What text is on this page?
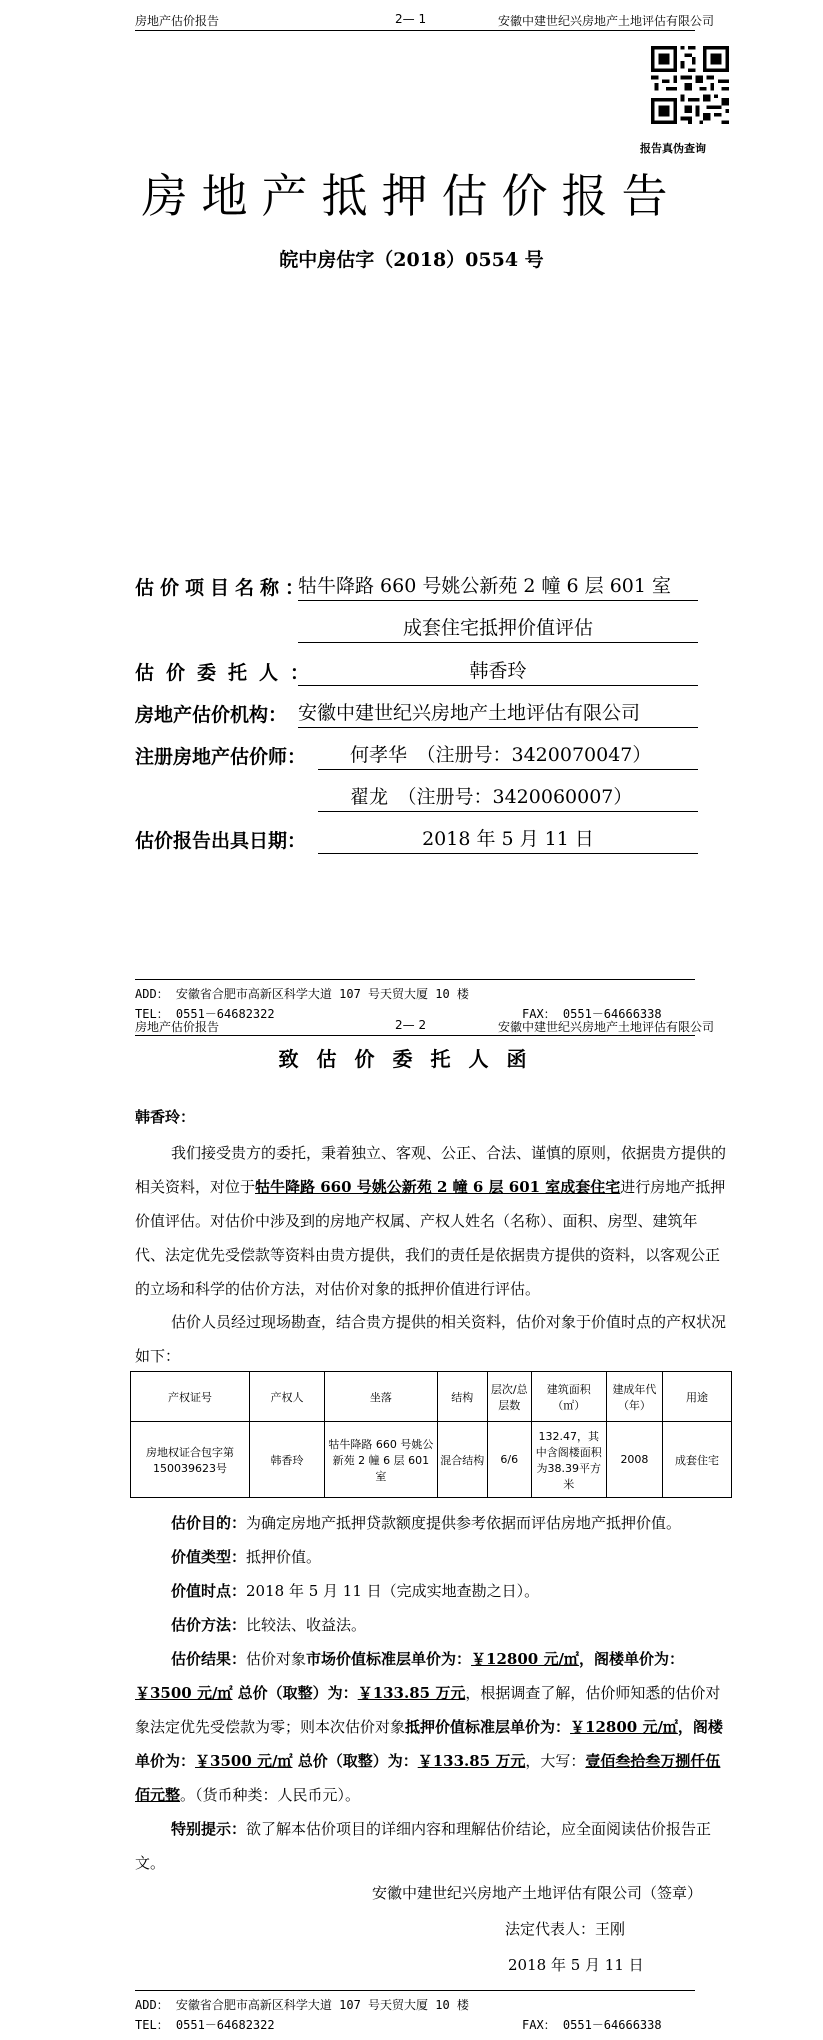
房地产估价报告	2— 1	安徽中建世纪兴房地产土地评估有限公司
报告真伪查询
房地产抵押估价报告
皖中房估字（2018）0554 号
估价项目名称：
牯牛降路 660 号姚公新苑 2 幢 6 层 601 室
成套住宅抵押价值评估
估价委托人：	韩香玲
房地产估价机构： 安徽中建世纪兴房地产土地评估有限公司
注册房地产估价师：	何孝华　（注册号：3420070047）
翟龙　（注册号：3420060007）
估价报告出具日期：	2018 年 5 月 11 日
ADD： 安徽省合肥市高新区科学大道 107 号天贸大厦 10 楼
TEL： 0551－64682322	FAX： 0551－64666338
房地产估价报告	2— 2	安徽中建世纪兴房地产土地评估有限公司
致估价委托人函
韩香玲：
我们接受贵方的委托，秉着独立、客观、公正、合法、谨慎的原则，依据贵方提供的相关资料，对位于牯牛降路 660 号姚公新苑 2 幢 6 层 601 室成套住宅进行房地产抵押价值评估。对估价中涉及到的房地产权属、产权人姓名（名称）、面积、房型、建筑年代、法定优先受偿款等资料由贵方提供，我们的责任是依据贵方提供的资料，以客观公正的立场和科学的估价方法，对估价对象的抵押价值进行评估。
估价人员经过现场勘查，结合贵方提供的相关资料，估价对象于价值时点的产权状况如下：
产权证号	产权人	坐落	结构	层次/总层数	建筑面积（㎡）	建成年代（年）	用途
房地权证合包字第150039623号	韩香玲	牯牛降路 660 号姚公新苑 2 幢 6 层 601 室	混合结构	6/6	132.47，其中含阁楼面积为38.39平方米	2008	成套住宅
估价目的：为确定房地产抵押贷款额度提供参考依据而评估房地产抵押价值。
价值类型：抵押价值。
价值时点：2018 年 5 月 11 日（完成实地查勘之日）。
估价方法：比较法、收益法。
估价结果：估价对象市场价值标准层单价为：￥12800 元/㎡，阁楼单价为：￥3500 元/㎡ 总价（取整）为：￥133.85 万元，根据调查了解，估价师知悉的估价对象法定优先受偿款为零；则本次估价对象抵押价值标准层单价为：￥12800 元/㎡，阁楼单价为：￥3500 元/㎡ 总价（取整）为：￥133.85 万元，大写：壹佰叁拾叁万捌仟伍佰元整。（货币种类：人民币元）。
特别提示：欲了解本估价项目的详细内容和理解估价结论，应全面阅读估价报告正文。
安徽中建世纪兴房地产土地评估有限公司（签章）
法定代表人：王刚
2018 年 5 月 11 日
ADD： 安徽省合肥市高新区科学大道 107 号天贸大厦 10 楼
TEL： 0551－64682322	FAX： 0551－64666338
